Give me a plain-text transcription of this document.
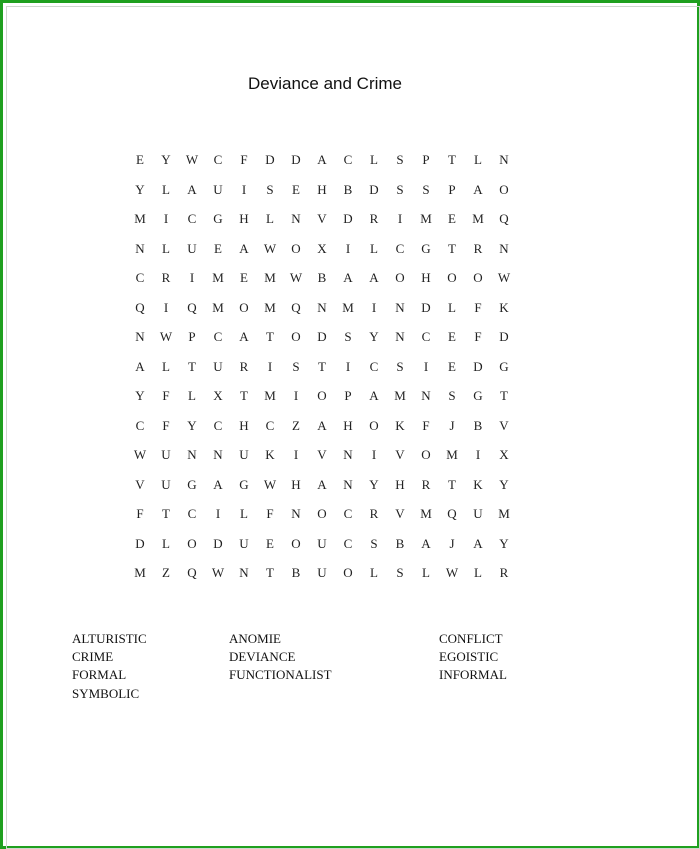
Deviance and Crime
E	Y	W	C	F	D	D	A	C	L	S	P	T	L	N
Y	L	A	U	I	S	E	H	B	D	S	S	P	A	O
M	I	C	G	H	L	N	V	D	R	I	M	E	M	Q
N	L	U	E	A	W	O	X	I	L	C	G	T	R	N
C	R	I	M	E	M	W	B	A	A	O	H	O	O	W
Q	I	Q	M	O	M	Q	N	M	I	N	D	L	F	K
N	W	P	C	A	T	O	D	S	Y	N	C	E	F	D
A	L	T	U	R	I	S	T	I	C	S	I	E	D	G
Y	F	L	X	T	M	I	O	P	A	M	N	S	G	T
C	F	Y	C	H	C	Z	A	H	O	K	F	J	B	V
W	U	N	N	U	K	I	V	N	I	V	O	M	I	X
V	U	G	A	G	W	H	A	N	Y	H	R	T	K	Y
F	T	C	I	L	F	N	O	C	R	V	M	Q	U	M
D	L	O	D	U	E	O	U	C	S	B	A	J	A	Y
M	Z	Q	W	N	T	B	U	O	L	S	L	W	L	R
ALTURISTIC
CRIME
FORMAL
SYMBOLIC
ANOMIE
DEVIANCE
FUNCTIONALIST
CONFLICT
EGOISTIC
INFORMAL
